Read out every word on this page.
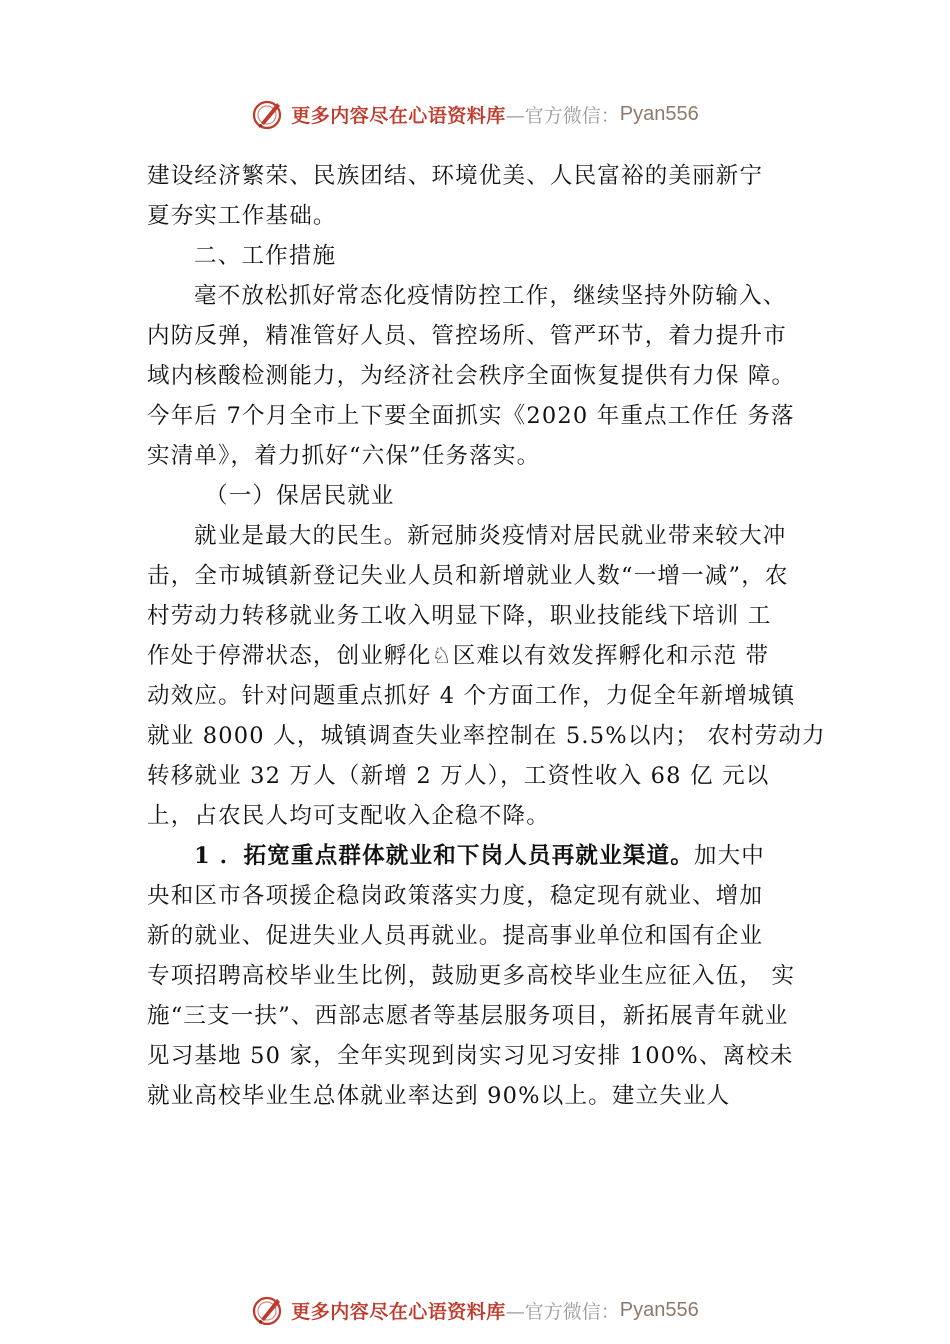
更多内容尽在心语资料库 —官方微信： Pyan556
建设经济繁荣、民族团结、环境优美、人民富裕的美丽新宁
夏夯实工作基础。
二、工作措施
毫不放松抓好常态化疫情防控工作，继续坚持外防输入、
内防反弹，精准管好人员、管控场所、管严环节，着力提升市
域内核酸检测能力，为经济社会秩序全面恢复提供有力保 障。
今年后 7个月全市上下要全面抓实《2020 年重点工作任 务落
实清单》，着力抓好“六保”任务落实。
（一）保居民就业
就业是最大的民生。新冠肺炎疫情对居民就业带来较大冲
击，全市城镇新登记失业人员和新增就业人数“一增一减”，农
村劳动力转移就业务工收入明显下降，职业技能线下培训 工
作处于停滞状态，创业孵化♘区难以有效发挥孵化和示范 带
动效应。针对问题重点抓好 4 个方面工作，力促全年新增城镇
就业 8000 人，城镇调查失业率控制在 5.5%以内； 农村劳动力
转移就业 32 万人（新增 2 万人），工资性收入 68 亿 元以
上，占农民人均可支配收入企稳不降。
1 ．拓宽重点群体就业和下岗人员再就业渠道。加大中
央和区市各项援企稳岗政策落实力度，稳定现有就业、增加
新的就业、促进失业人员再就业。提高事业单位和国有企业
专项招聘高校毕业生比例，鼓励更多高校毕业生应征入伍， 实
施“三支一扶”、西部志愿者等基层服务项目，新拓展青年就业
见习基地 50 家，全年实现到岗实习见习安排 100%、离校未
就业高校毕业生总体就业率达到 90%以上。建立失业人
更多内容尽在心语资料库 —官方微信： Pyan556
